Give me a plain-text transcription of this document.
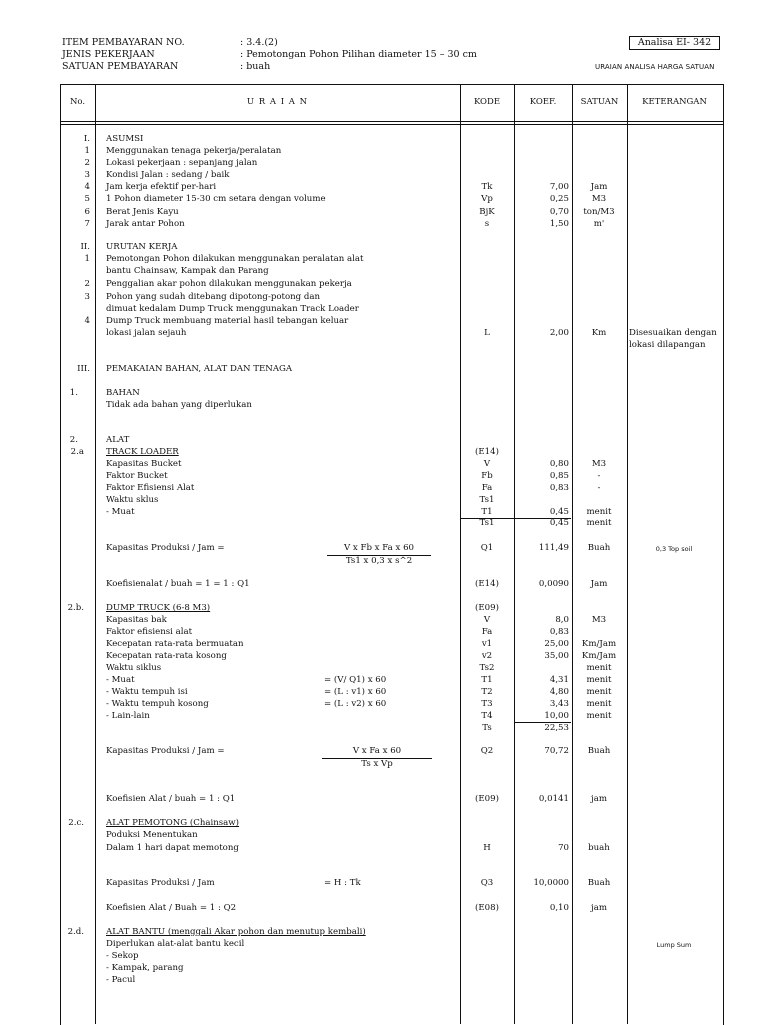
ITEM PEMBAYARAN NO.	: 3.4.(2)
JENIS PEKERJAAN	: Pemotongan Pohon Pilihan diameter 15 – 30 cm
SATUAN PEMBAYARAN	: buah
Analisa EI- 342
URAIAN ANALISA HARGA SATUAN
No.	U R A I A N	KODE	KOEF.	SATUAN	KETERANGAN
I. ASUMSI
1 Menggunakan tenaga pekerja/peralatan
2 Lokasi pekerjaan : sepanjang jalan
3 Kondisi Jalan : sedang / baik
4 Jam kerja efektif per-hari	Tk	7,00	Jam
5 1 Pohon diameter 15-30 cm setara dengan volume	Vp	0,25	M3
6 Berat Jenis Kayu	BjK	0,70	ton/M3
7 Jarak antar Pohon	s	1,50	m'
II. URUTAN KERJA
1 Pemotongan Pohon dilakukan menggunakan peralatan alat
bantu Chainsaw, Kampak dan Parang
2 Penggalian akar pohon dilakukan menggunakan pekerja
3 Pohon yang sudah ditebang dipotong-potong dan
dimuat kedalam Dump Truck menggunakan Track Loader
4 Dump Truck membuang material hasil tebangan keluar
lokasi jalan sejauh	L	2,00	Km	Disesuaikan dengan
lokasi dilapangan
III. PEMAKAIAN BAHAN, ALAT DAN TENAGA
1.	BAHAN
Tidak ada bahan yang diperlukan
2.	ALAT
2.a	TRACK LOADER	(E14)
Kapasitas Bucket	V	0,80	M3
Faktor Bucket	Fb	0,85	-
Faktor Efisiensi Alat	Fa	0,83	-
Waktu sklus	Ts1
- Muat	T1	0,45	menit
Ts1	0,45	menit
Kapasitas Produksi / Jam =	V x Fb x Fa x 60
Ts1 x 0,3 x s^2
Q1	111,49	Buah	0,3 Top soil
Koefisienalat / buah = 1 = 1 : Q1	(E14)	0,0090	Jam
2.b.	DUMP TRUCK (6-8 M3)	(E09)
Kapasitas bak	V	8,0	M3
Faktor efisiensi alat	Fa	0,83
Kecepatan rata-rata bermuatan	v1	25,00	Km/Jam
Kecepatan rata-rata kosong	v2	35,00	Km/Jam
Waktu siklus	Ts2	menit
- Muat	= (V/ Q1) x 60	T1	4,31	menit
- Waktu tempuh isi	= (L : v1) x 60	T2	4,80	menit
- Waktu tempuh kosong	= (L : v2) x 60	T3	3,43	menit
- Lain-lain	T4	10,00	menit
Ts	22,53
Kapasitas Produksi / Jam =	V x Fa x 60
Ts x Vp
Q2	70,72	Buah
Koefisien Alat / buah = 1 : Q1	(E09)	0,0141	jam
2.c.	ALAT PEMOTONG (Chainsaw)
Poduksi Menentukan
Dalam 1 hari dapat memotong	H	70	buah
Kapasitas Produksi / Jam	= H : Tk	Q3	10,0000	Buah
Koefisien Alat / Buah = 1 : Q2	(E08)	0,10	jam
2.d.	ALAT BANTU (menggali Akar pohon dan menutup kembali)
Diperlukan alat-alat bantu kecil	Lump Sum
- Sekop
- Kampak, parang
- Pacul
